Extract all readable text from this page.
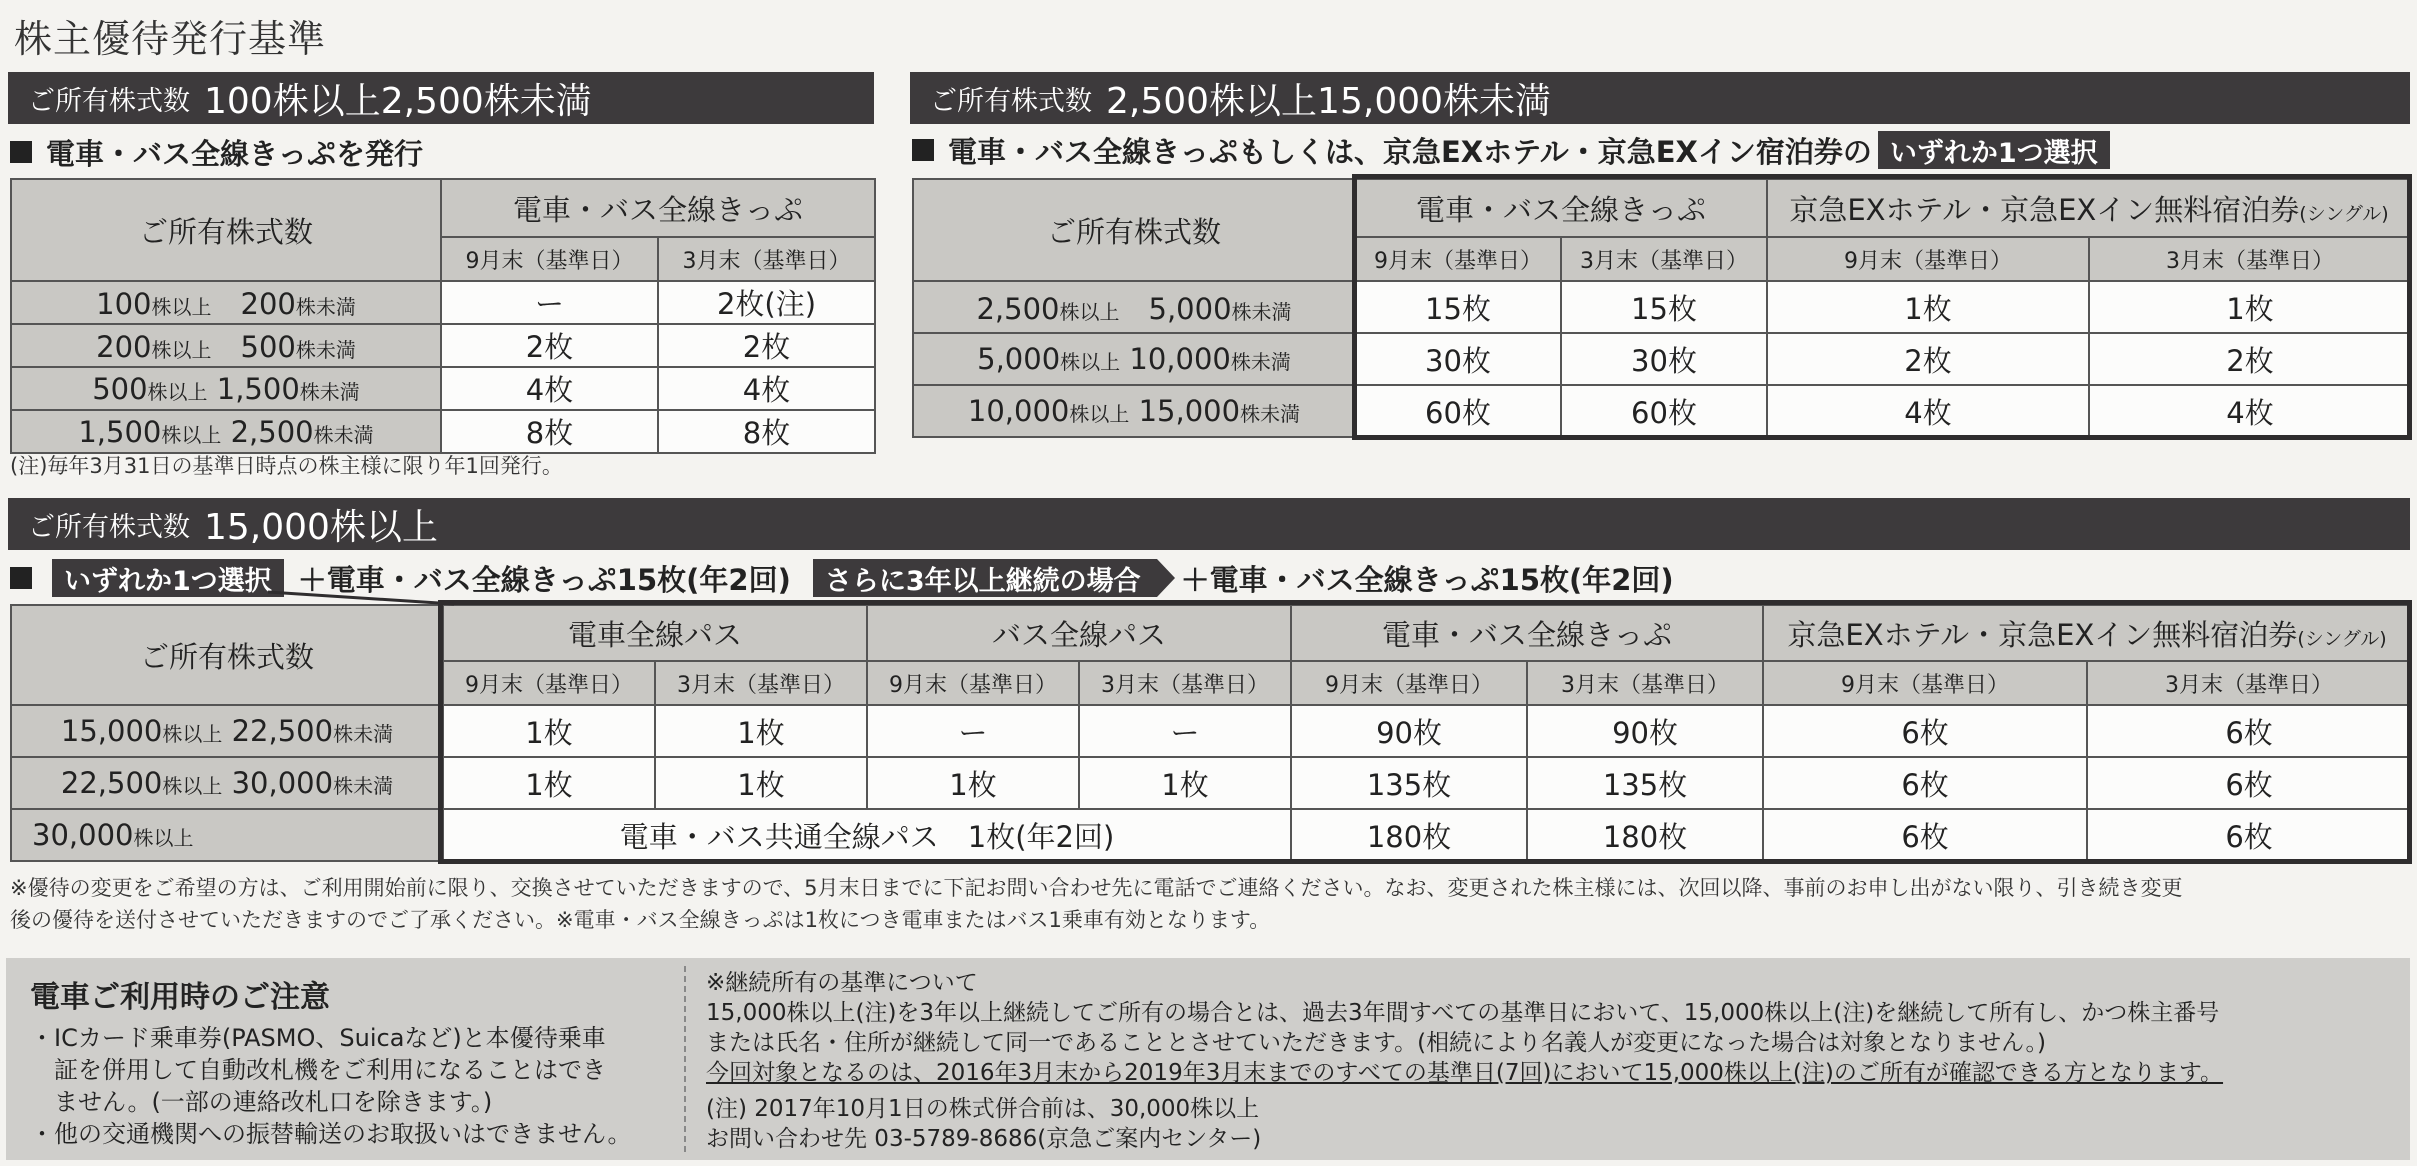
株主優待発行基準
ご所有株式数 100株以上2,500株未満
電車・バス全線きっぷを発行
ご所有株式数	電車・バス全線きっぷ	
	9月末（基準日）	3月末（基準日）
100株以上　 200株未満	ー	2枚(注)
200株以上　 500株未満	2枚	2枚
500株以上 1,500株未満	4枚	4枚
1,500株以上 2,500株未満	8枚	8枚
(注)毎年3月31日の基準日時点の株主様に限り年1回発行。
ご所有株式数 2,500株以上15,000株未満
電車・バス全線きっぷもしくは、京急EXホテル・京急EXイン宿泊券の いずれか1つ選択
ご所有株式数	電車・バス全線きっぷ		京急EXホテル・京急EXイン無料宿泊券(シングル)	
	9月末（基準日）	3月末（基準日）	9月末（基準日）	3月末（基準日）
2,500株以上　 5,000株未満	15枚	15枚	1枚	1枚
5,000株以上 10,000株未満	30枚	30枚	2枚	2枚
10,000株以上 15,000株未満	60枚	60枚	4枚	4枚
ご所有株式数 15,000株以上
いずれか1つ選択 ＋電車・バス全線きっぷ15枚(年2回)	さらに3年以上継続の場合	＋電車・バス全線きっぷ15枚(年2回)
ご所有株式数	電車全線パス		バス全線パス		電車・バス全線きっぷ		京急EXホテル・京急EXイン無料宿泊券(シングル)	
	9月末（基準日）	3月末（基準日）	9月末（基準日）	3月末（基準日）	9月末（基準日）	3月末（基準日）	9月末（基準日）	3月末（基準日）
15,000株以上 22,500株未満	1枚	1枚	ー	ー	90枚	90枚	6枚	6枚
22,500株以上 30,000株未満	1枚	1枚	1枚	1枚	135枚	135枚	6枚	6枚
30,000株以上	電車・バス共通全線パス　1枚(年2回)				180枚	180枚	6枚	6枚
※優待の変更をご希望の方は、ご利用開始前に限り、交換させていただきますので、5月末日までに下記お問い合わせ先に電話でご連絡ください。なお、変更された株主様には、次回以降、事前のお申し出がない限り、引き続き変更
後の優待を送付させていただきますのでご了承ください。※電車・バス全線きっぷは1枚につき電車またはバス1乗車有効となります。
電車ご利用時のご注意
・ICカード乗車券(PASMO、Suicaなど)と本優待乗車
　証を併用して自動改札機をご利用になることはでき
　ません。(一部の連絡改札口を除きます。)
・他の交通機関への振替輸送のお取扱いはできません。
※継続所有の基準について
15,000株以上(注)を3年以上継続してご所有の場合とは、過去3年間すべての基準日において、15,000株以上(注)を継続して所有し、かつ株主番号
または氏名・住所が継続して同一であることとさせていただきます。(相続により名義人が変更になった場合は対象となりません。)
今回対象となるのは、2016年3月末から2019年3月末までのすべての基準日(7回)において15,000株以上(注)のご所有が確認できる方となります。
(注) 2017年10月1日の株式併合前は、30,000株以上
お問い合わせ先 03-5789-8686(京急ご案内センター)
